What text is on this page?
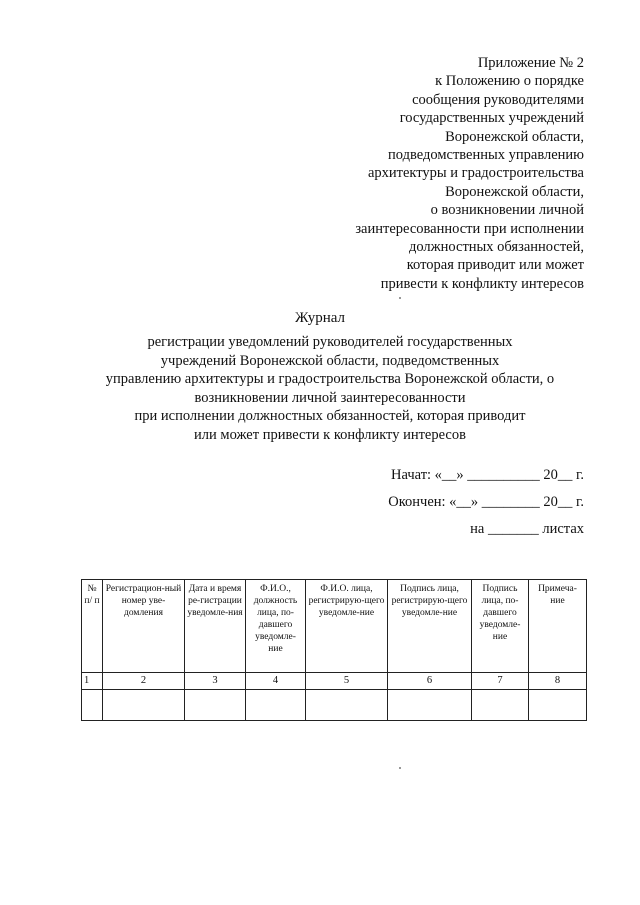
Приложение № 2
к Положению о порядке
сообщения руководителями
государственных учреждений
Воронежской области,
подведомственных управлению
архитектуры и градостроительства
Воронежской области,
о возникновении личной
заинтересованности при исполнении
должностных обязанностей,
которая приводит или может
привести к конфликту интересов
Журнал
регистрации уведомлений руководителей государственных
учреждений Воронежской области, подведомственных
управлению архитектуры и градостроительства Воронежской области, о
возникновении личной заинтересованности
при исполнении должностных обязанностей, которая приводит
или может привести к конфликту интересов
Начат: «__» __________ 20__ г.
Окончен: «__» ________ 20__ г.
на _______ листах
№ п/ п	Регистрацион-ный номер уве-домления	Дата и время ре-гистрации уведомле-ния	Ф.И.О., должность лица, по-давшего уведомле-ние	Ф.И.О. лица, регистрирую-щего уведомле-ние	Подпись лица, регистрирую-щего уведомле-ние	Подпись лица, по-давшего уведомле-ние	Примеча-ние
1	2	3	4	5	6	7	8
